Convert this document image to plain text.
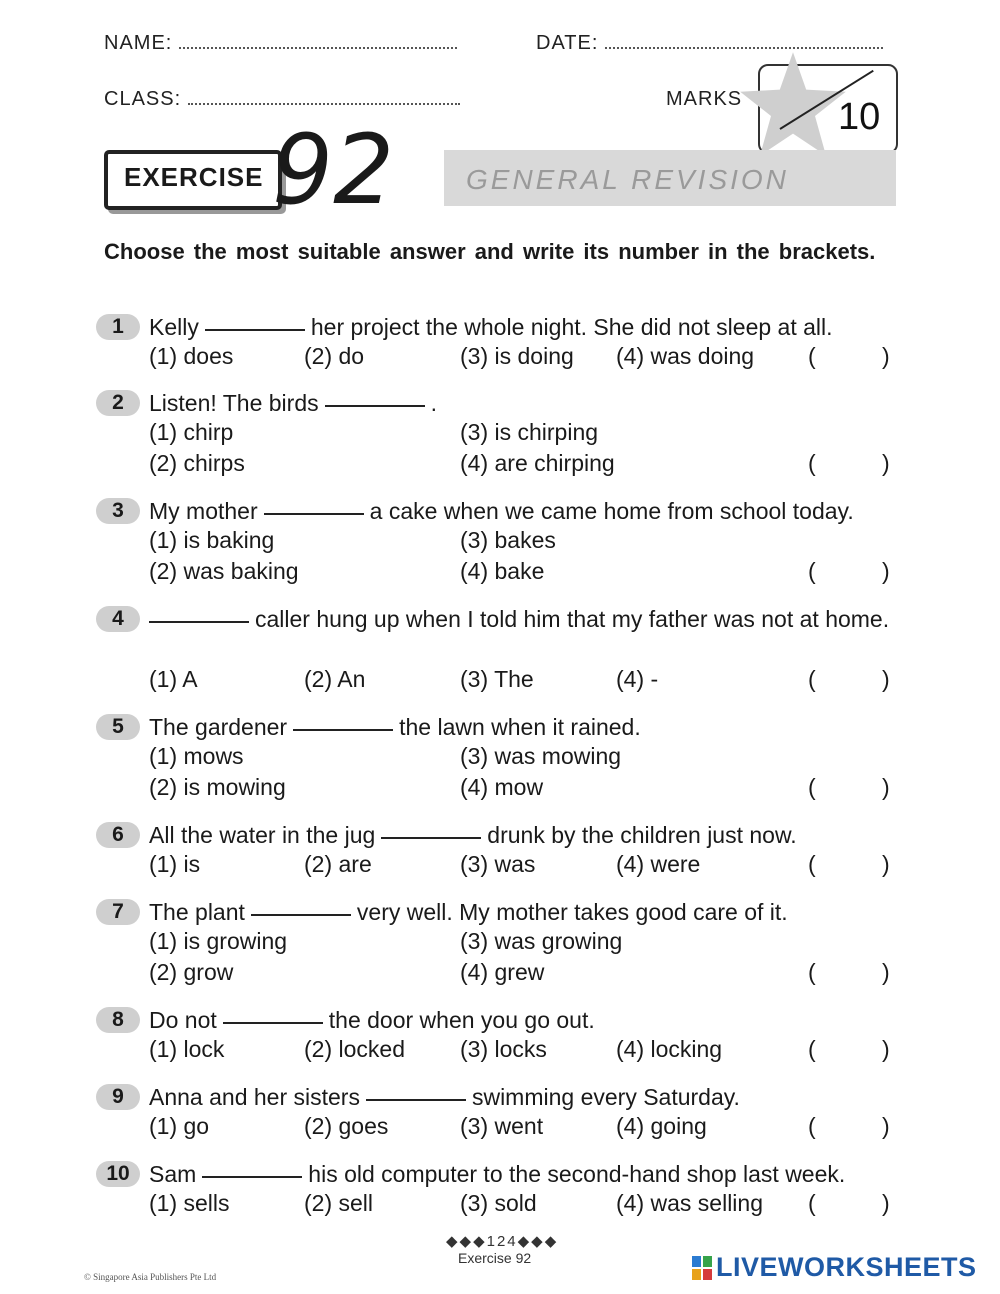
NAME:	DATE:
CLASS:	MARKS	10
EXERCISE 92	GENERAL REVISION
Choose the most suitable answer and write its number in the brackets.
1	Kelly	her project the whole night. She did not sleep at all.
(1) does	(2) do	(3) is doing (4) was doing (	)
2	Listen! The birds	.
(1) chirp	(3) is chirping
(2) chirps	(4) are chirping	(	)
3	My mother	a cake when we came home from school today.
(1) is baking	(3) bakes
(2) was baking	(4) bake	(	)
4	caller hung up when I told him that my father was not at home.
(1) A	(2) An	(3) The	(4) -	(	)
5	The gardener	the lawn when it rained.
(1) mows	(3) was mowing
(2) is mowing	(4) mow	(	)
6	All the water in the jug	drunk by the children just now.
(1) is	(2) are	(3) was	(4) were	(	)
7	The plant	very well. My mother takes good care of it.
(1) is growing	(3) was growing
(2) grow	(4) grew	(	)
8	Do not	the door when you go out.
(1) lock	(2) locked (3) locks	(4) locking	(	)
9	Anna and her sisters	swimming every Saturday.
(1) go	(2) goes	(3) went	(4) going	(	)
10 Sam	his old computer to the second-hand shop last week.
(1) sells	(2) sell	(3) sold	(4) was selling (	)
◆◆◆124◆◆◆
Exercise 92
© Singapore Asia Publishers Pte Ltd	LIVEWORKSHEETS
